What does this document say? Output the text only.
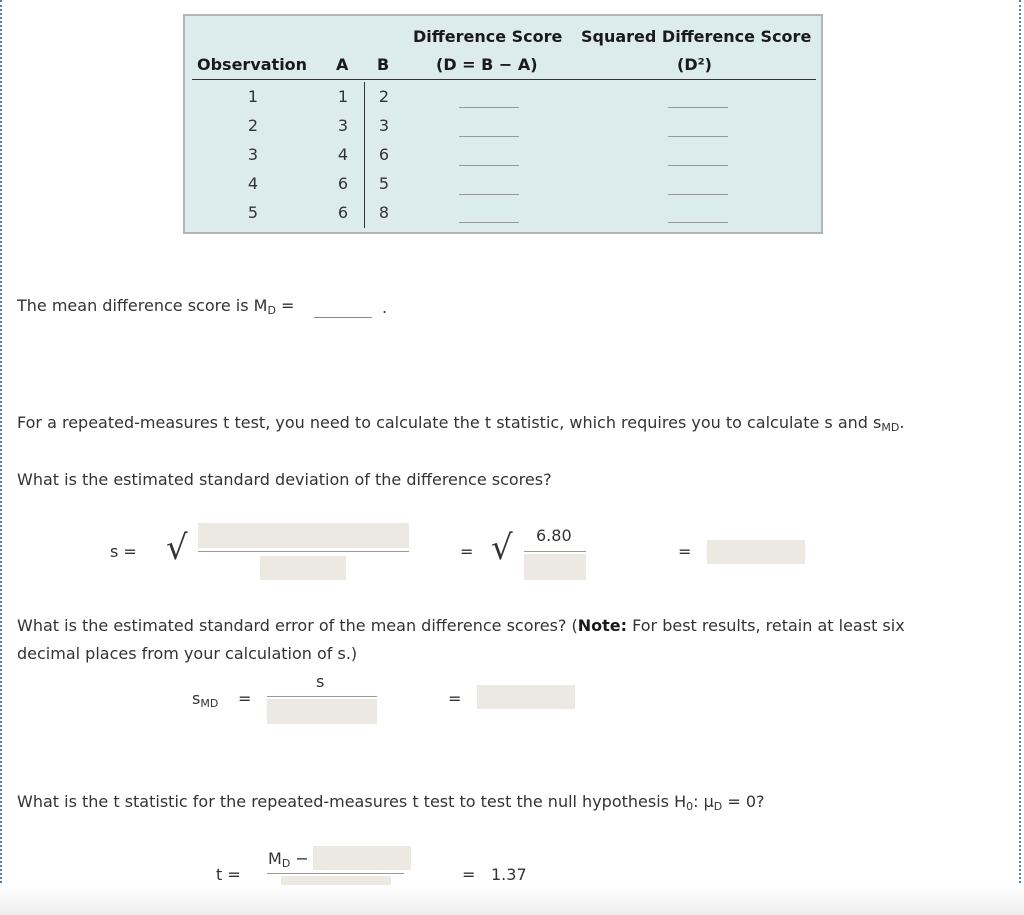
Difference Score Squared Difference Score
Observation A B	(D = B − A)	(D²)
1	1	2
2	3	3
3	4	6
4	6	5
5	6	8
The mean difference score is MD =	.
For a repeated-measures t test, you need to calculate the t statistic, which requires you to calculate s and sMD.
What is the estimated standard deviation of the difference scores?
s = √	= √ 6.80
=
What is the estimated standard error of the mean difference scores? (Note: For best results, retain at least six
decimal places from your calculation of s.)
sMD =
s
=
What is the t statistic for the repeated-measures t test to test the null hypothesis H0: μD = 0?
t =
MD −
= 1.37
